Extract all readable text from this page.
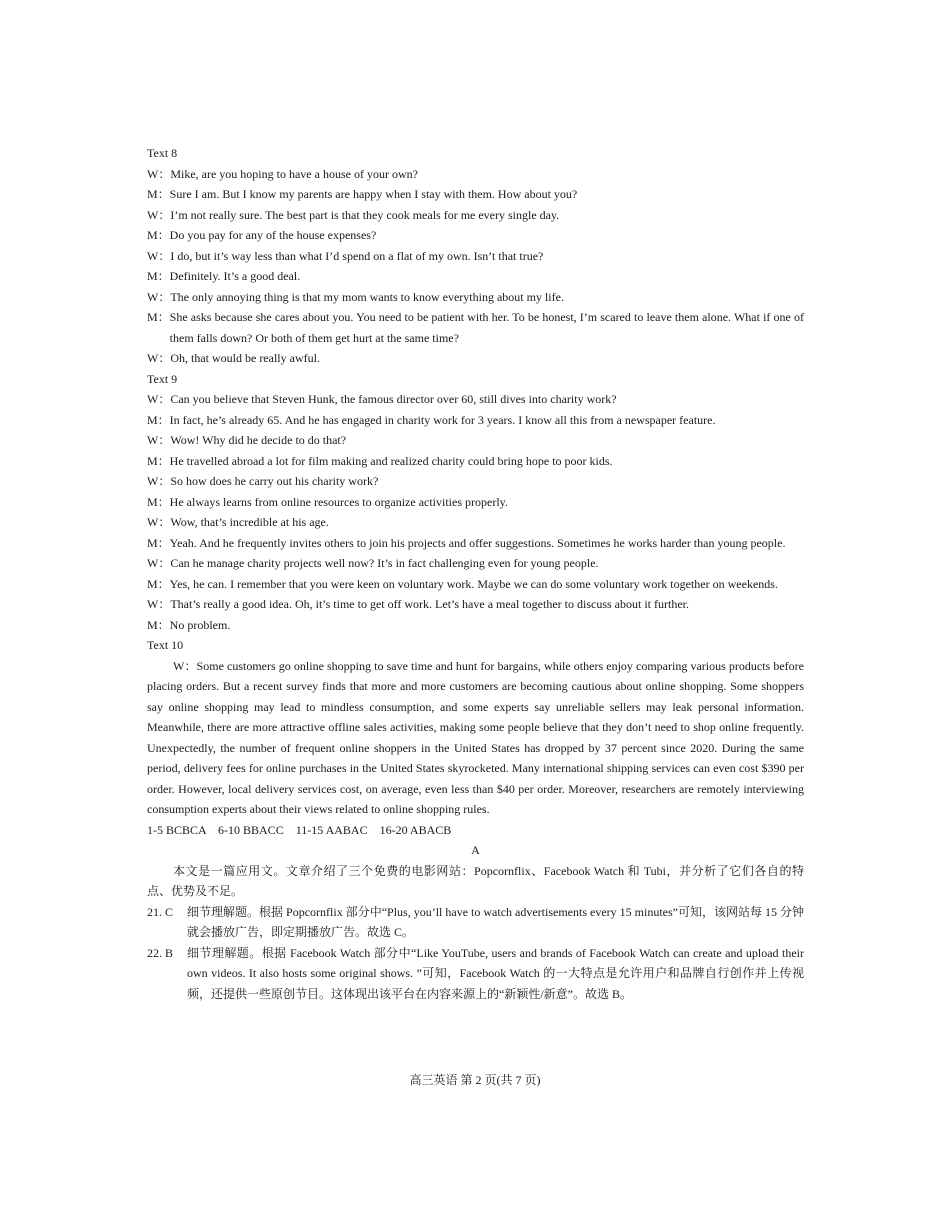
Text 8
W： Mike, are you hoping to have a house of your own?
M： Sure I am. But I know my parents are happy when I stay with them. How about you?
W： I’m not really sure. The best part is that they cook meals for me every single day.
M： Do you pay for any of the house expenses?
W： I do, but it’s way less than what I’d spend on a flat of my own. Isn’t that true?
M： Definitely. It’s a good deal.
W： The only annoying thing is that my mom wants to know everything about my life.
M： She asks because she cares about you. You need to be patient with her. To be honest, I’m scared to leave them alone. What if one of them falls down? Or both of them get hurt at the same time?
W： Oh, that would be really awful.
Text 9
W： Can you believe that Steven Hunk, the famous director over 60, still dives into charity work?
M： In fact, he’s already 65. And he has engaged in charity work for 3 years. I know all this from a newspaper feature.
W： Wow! Why did he decide to do that?
M： He travelled abroad a lot for film making and realized charity could bring hope to poor kids.
W： So how does he carry out his charity work?
M： He always learns from online resources to organize activities properly.
W： Wow, that’s incredible at his age.
M： Yeah. And he frequently invites others to join his projects and offer suggestions. Sometimes he works harder than young people.
W： Can he manage charity projects well now? It’s in fact challenging even for young people.
M： Yes, he can. I remember that you were keen on voluntary work. Maybe we can do some voluntary work together on weekends.
W： That’s really a good idea. Oh, it’s time to get off work. Let’s have a meal together to discuss about it further.
M： No problem.
Text 10

W：Some customers go online shopping to save time and hunt for bargains, while others enjoy comparing various products before placing orders. But a recent survey finds that more and more customers are becoming cautious about online shopping. Some shoppers say online shopping may lead to mindless consumption, and some experts say unreliable sellers may leak personal information. Meanwhile, there are more attractive offline sales activities, making some people believe that they don’t need to shop online frequently. Unexpectedly, the number of frequent online shoppers in the United States has dropped by 37 percent since 2020. During the same period, delivery fees for online purchases in the United States skyrocketed. Many international shipping services can even cost $390 per order. However, local delivery services cost, on average, even less than $40 per order. Moreover, researchers are remotely interviewing consumption experts about their views related to online shopping rules.

1-5 BCBCA    6-10 BBACC    11-15 AABAC    16-20 ABACB
A

本文是一篇应用文。文章介绍了三个免费的电影网站：Popcornflix、Facebook Watch 和 Tubi，并分析了它们各自的特点、优势及不足。

21. C 细节理解题。根据 Popcornflix 部分中“Plus, you’ll have to watch advertisements every 15 minutes”可知，该网站每 15 分钟就会播放广告，即定期播放广告。故选 C。
22. B 细节理解题。根据 Facebook Watch 部分中“Like YouTube, users and brands of Facebook Watch can create and upload their own videos. It also hosts some original shows. ”可知，Facebook Watch 的一大特点是允许用户和品牌自行创作并上传视频，还提供一些原创节目。这体现出该平台在内容来源上的“新颖性/新意”。故选 B。
高三英语 第 2 页(共 7 页)
